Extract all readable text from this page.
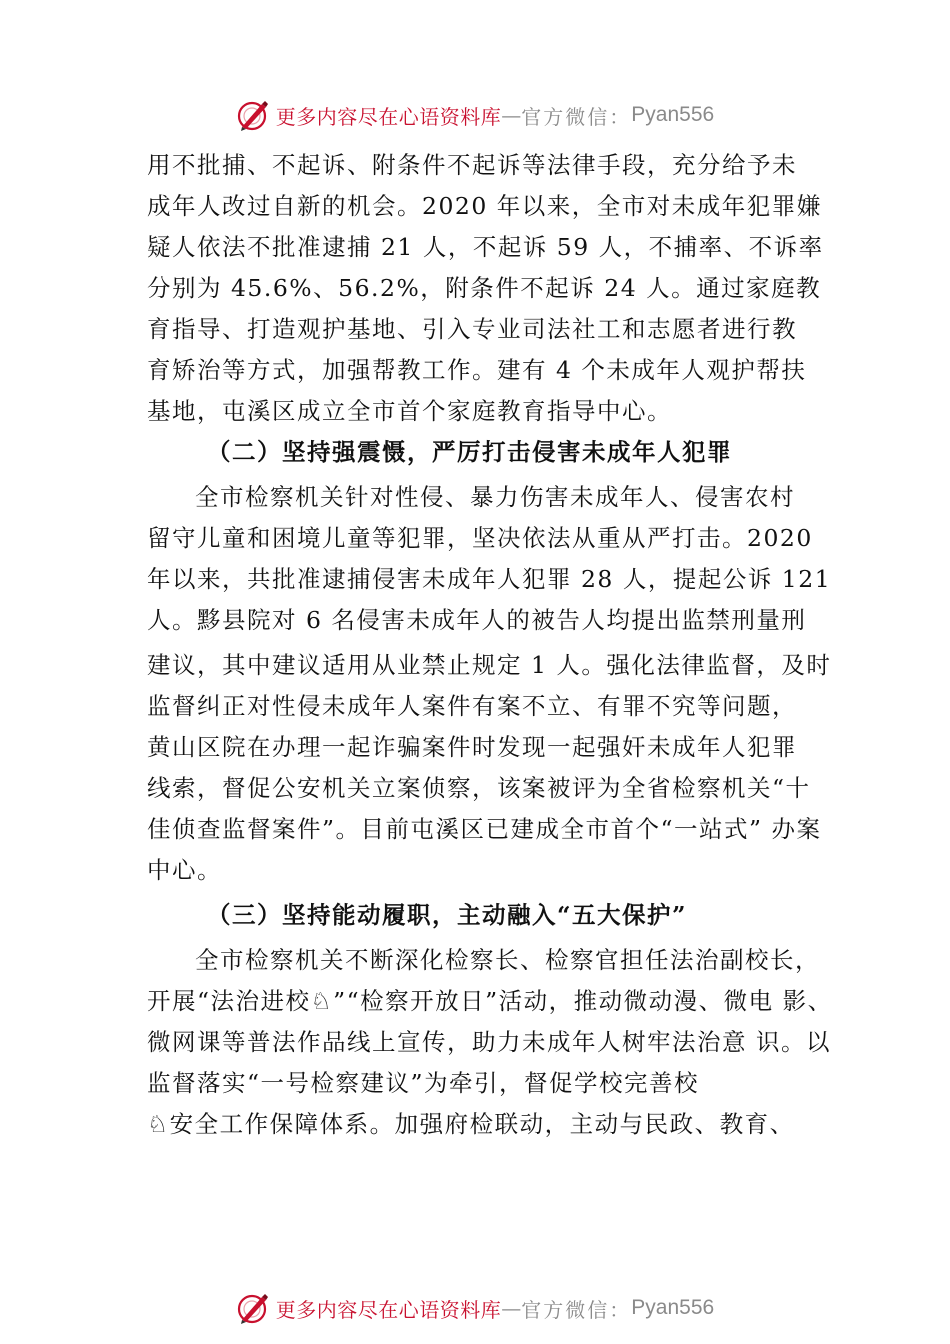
更多内容尽在心语资料库 — 官方微信： Pyan556
用不批捕、不起诉、附条件不起诉等法律手段，充分给予未
成年人改过自新的机会。2020 年以来，全市对未成年犯罪嫌
疑人依法不批准逮捕 21 人，不起诉 59 人，不捕率、不诉率
分别为 45.6%、56.2%，附条件不起诉 24 人。通过家庭教
育指导、打造观护基地、引入专业司法社工和志愿者进行教
育矫治等方式，加强帮教工作。建有 4 个未成年人观护帮扶
基地，屯溪区成立全市首个家庭教育指导中心。
（二）坚持强震慑，严厉打击侵害未成年人犯罪
全市检察机关针对性侵、暴力伤害未成年人、侵害农村
留守儿童和困境儿童等犯罪，坚决依法从重从严打击。2020
年以来，共批准逮捕侵害未成年人犯罪 28 人，提起公诉 121
人。黟县院对 6 名侵害未成年人的被告人均提出监禁刑量刑
建议，其中建议适用从业禁止规定 1 人。强化法律监督，及时
监督纠正对性侵未成年人案件有案不立、有罪不究等问题，
黄山区院在办理一起诈骗案件时发现一起强奸未成年人犯罪
线索，督促公安机关立案侦察，该案被评为全省检察机关“十
佳侦查监督案件”。目前屯溪区已建成全市首个“一站式” 办案
中心。
（三）坚持能动履职，主动融入“五大保护”
全市检察机关不断深化检察长、检察官担任法治副校长，
开展“法治进校♘”“检察开放日”活动，推动微动漫、微电 影、
微网课等普法作品线上宣传，助力未成年人树牢法治意 识。以
监督落实“一号检察建议”为牵引，督促学校完善校
♘安全工作保障体系。加强府检联动，主动与民政、教育、
更多内容尽在心语资料库 — 官方微信： Pyan556
